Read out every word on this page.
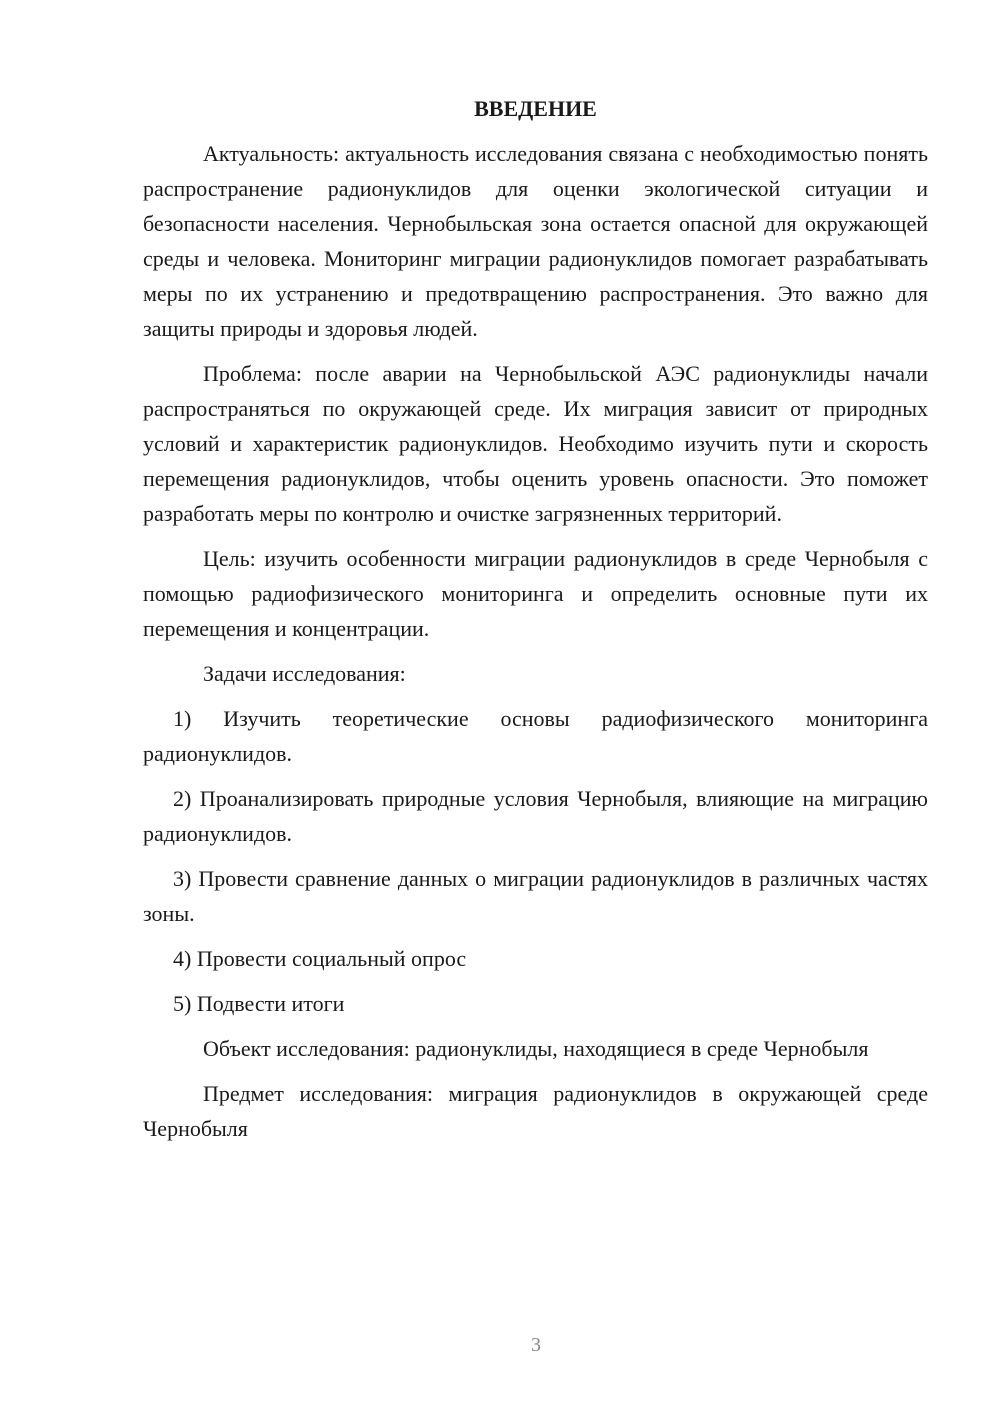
ВВЕДЕНИЕ

Актуальность: актуальность исследования связана с необходимостью понять распространение радионуклидов для оценки экологической ситуации и безопасности населения. Чернобыльская зона остается опасной для окружающей среды и человека. Мониторинг миграции радионуклидов помогает разрабатывать меры по их устранению и предотвращению распространения. Это важно для защиты природы и здоровья людей.

Проблема: после аварии на Чернобыльской АЭС радионуклиды начали распространяться по окружающей среде. Их миграция зависит от природных условий и характеристик радионуклидов. Необходимо изучить пути и скорость перемещения радионуклидов, чтобы оценить уровень опасности. Это поможет разработать меры по контролю и очистке загрязненных территорий.

Цель: изучить особенности миграции радионуклидов в среде Чернобыля с помощью радиофизического мониторинга и определить основные пути их перемещения и концентрации.

Задачи исследования:

1) Изучить теоретические основы радиофизического мониторинга радионуклидов.

2) Проанализировать природные условия Чернобыля, влияющие на миграцию радионуклидов.

3) Провести сравнение данных о миграции радионуклидов в различных частях зоны.

4) Провести социальный опрос

5) Подвести итоги

Объект исследования: радионуклиды, находящиеся в среде Чернобыля

Предмет исследования: миграция радионуклидов в окружающей среде Чернобыля

3
